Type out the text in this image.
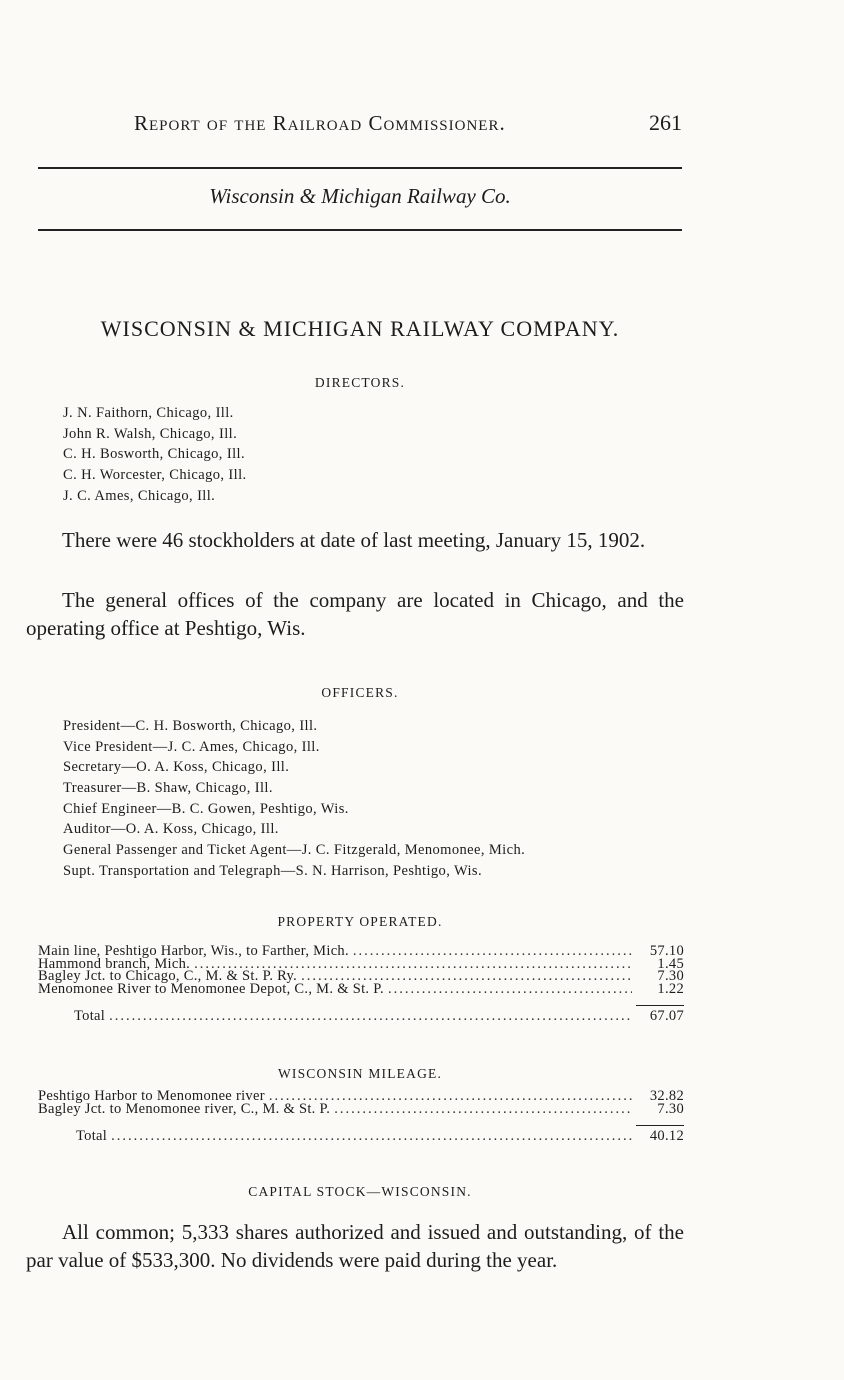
Report of the Railroad Commissioner.	261
Wisconsin & Michigan Railway Co.
WISCONSIN & MICHIGAN RAILWAY COMPANY.
DIRECTORS.
J. N. Faithorn, Chicago, Ill.
John R. Walsh, Chicago, Ill.
C. H. Bosworth, Chicago, Ill.
C. H. Worcester, Chicago, Ill.
J. C. Ames, Chicago, Ill.

There were 46 stockholders at date of last meeting, January 15, 1902.

The general offices of the company are located in Chicago, and the operating office at Peshtigo, Wis.

OFFICERS.
President—C. H. Bosworth, Chicago, Ill.
Vice President—J. C. Ames, Chicago, Ill.
Secretary—O. A. Koss, Chicago, Ill.
Treasurer—B. Shaw, Chicago, Ill.
Chief Engineer—B. C. Gowen, Peshtigo, Wis.
Auditor—O. A. Koss, Chicago, Ill.
General Passenger and Ticket Agent—J. C. Fitzgerald, Menomonee, Mich.
Supt. Transportation and Telegraph—S. N. Harrison, Peshtigo, Wis.
PROPERTY OPERATED.
Main line, Peshtigo Harbor, Wis., to Farther, Mich. .....	57.10
Hammond branch, Mich. .....	1.45
Bagley Jct. to Chicago, C., M. & St. P. Ry. .....	7.30
Menomonee River to Menomonee Depot, C., M. & St. P. .....	1.22
Total .....	67.07
WISCONSIN MILEAGE.
Peshtigo Harbor to Menomonee river .....	32.82
Bagley Jct. to Menomonee river, C., M. & St. P. .....	7.30
Total .....	40.12
CAPITAL STOCK—WISCONSIN.

All common; 5,333 shares authorized and issued and outstanding, of the par value of $533,300. No dividends were paid during the year.
